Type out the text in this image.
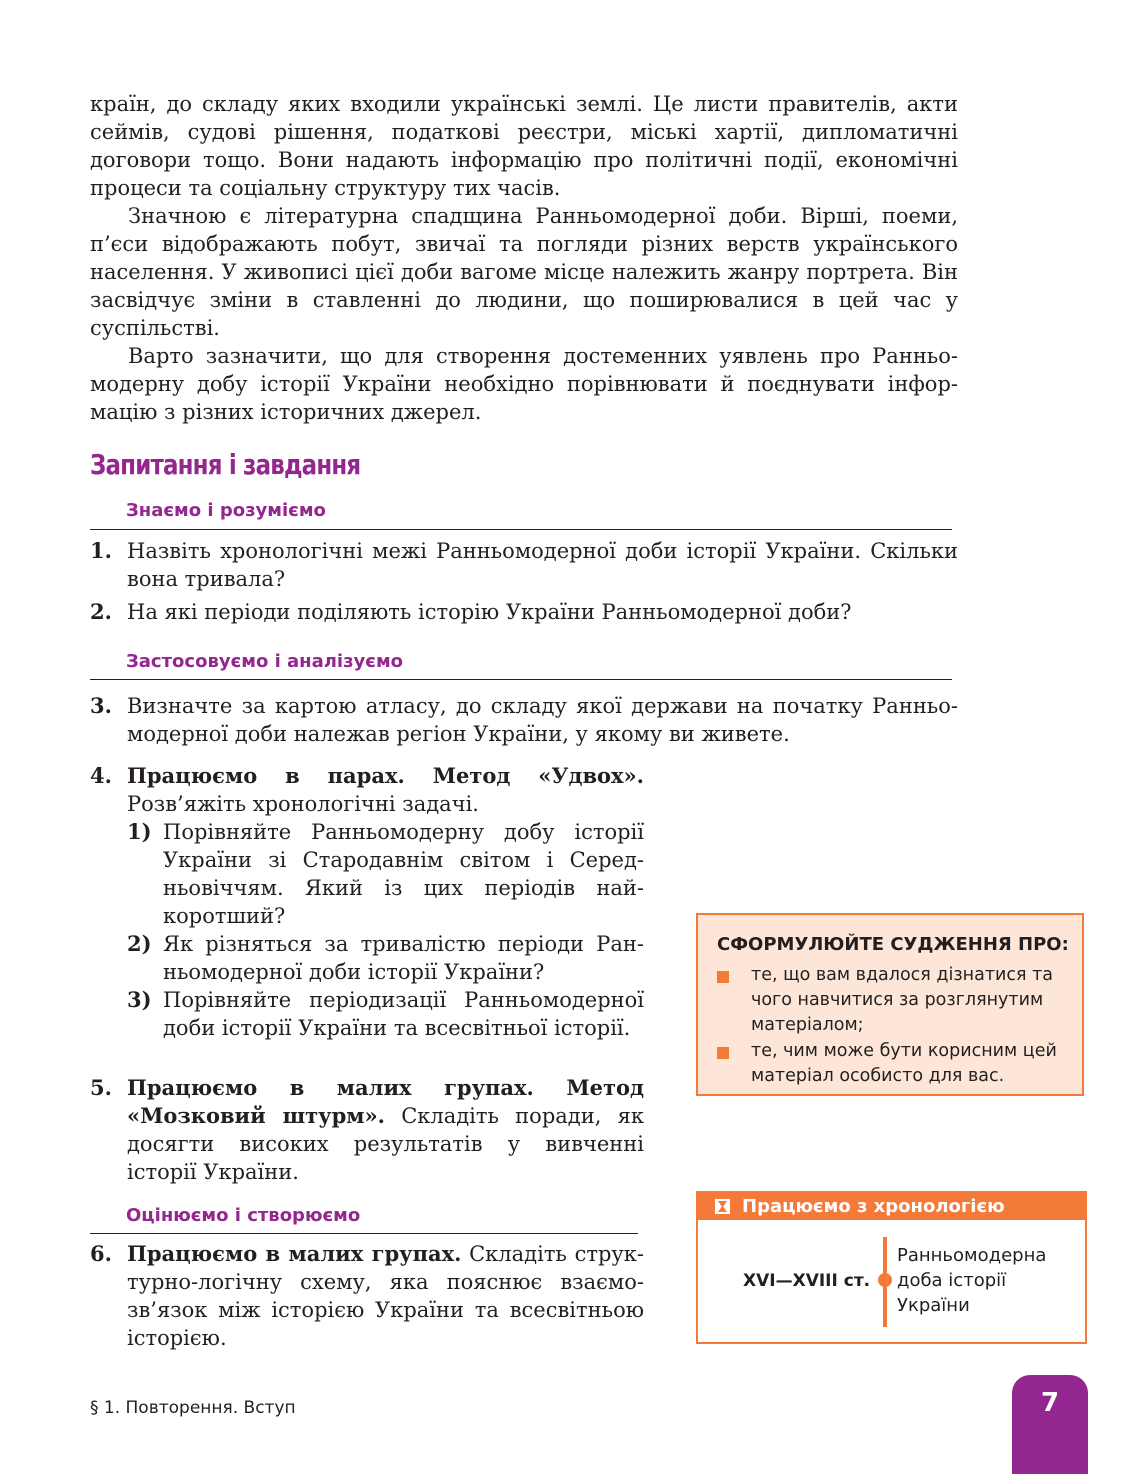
країн, до складу яких входили українські землі. Це листи правителів, акти сеймів, судові рішення, податкові реєстри, міські хартії, дипломатичні договори тощо. Вони надають інформацію про політичні події, економічні процеси та соціальну структуру тих часів.

Значною є літературна спадщина Ранньомодерної доби. Вірші, поеми, п’єси відображають побут, звичаї та погляди різних верств українського населення. У живописі цієї доби вагоме місце належить жанру портрета. Він засвідчує зміни в ставленні до людини, що поширювалися в цей час у суспільстві.

Варто зазначити, що для створення достеменних уявлень про Ранньомодерну добу історії України необхідно порівнювати й поєднувати інформацію з різних історичних джерел.

Запитання і завдання
Знаємо і розуміємо
1. Назвіть хронологічні межі Ранньомодерної доби історії України. Скільки вона тривала?
2. На які періоди поділяють історію України Ранньомодерної доби?
Застосовуємо і аналізуємо
3. Визначте за картою атласу, до складу якої держави на початку Ранньомодерної доби належав регіон України, у якому ви живете.
4. Працюємо в парах. Метод «Удвох». Розв’яжіть хронологічні задачі.
1) Порівняйте Ранньомодерну добу історії України зі Стародавнім світом і Середньовіччям. Який із цих періодів найкоротший?
2) Як різняться за тривалістю періоди Ранньомодерної доби історії України?
3) Порівняйте періодизації Ранньомодерної доби історії України та всесвітньої історії.
5. Працюємо в малих групах. Метод «Мозковий штурм». Складіть поради, як досягти високих результатів у вивченні історії України.
Оцінюємо і створюємо
6. Працюємо в малих групах. Складіть структурно-логічну схему, яка пояснює взаємозв’язок між історією України та всесвітньою історією.
СФОРМУЛЮЙТЕ СУДЖЕННЯ ПРО:
те, що вам вдалося дізнатися та чого навчитися за розглянутим матеріалом;
те, чим може бути корисним цей матеріал особисто для вас.
Працюємо з хронологією
XVI—XVIII ст.
Ранньомодерна доба історії України
§ 1. Повторення. Вступ	7
